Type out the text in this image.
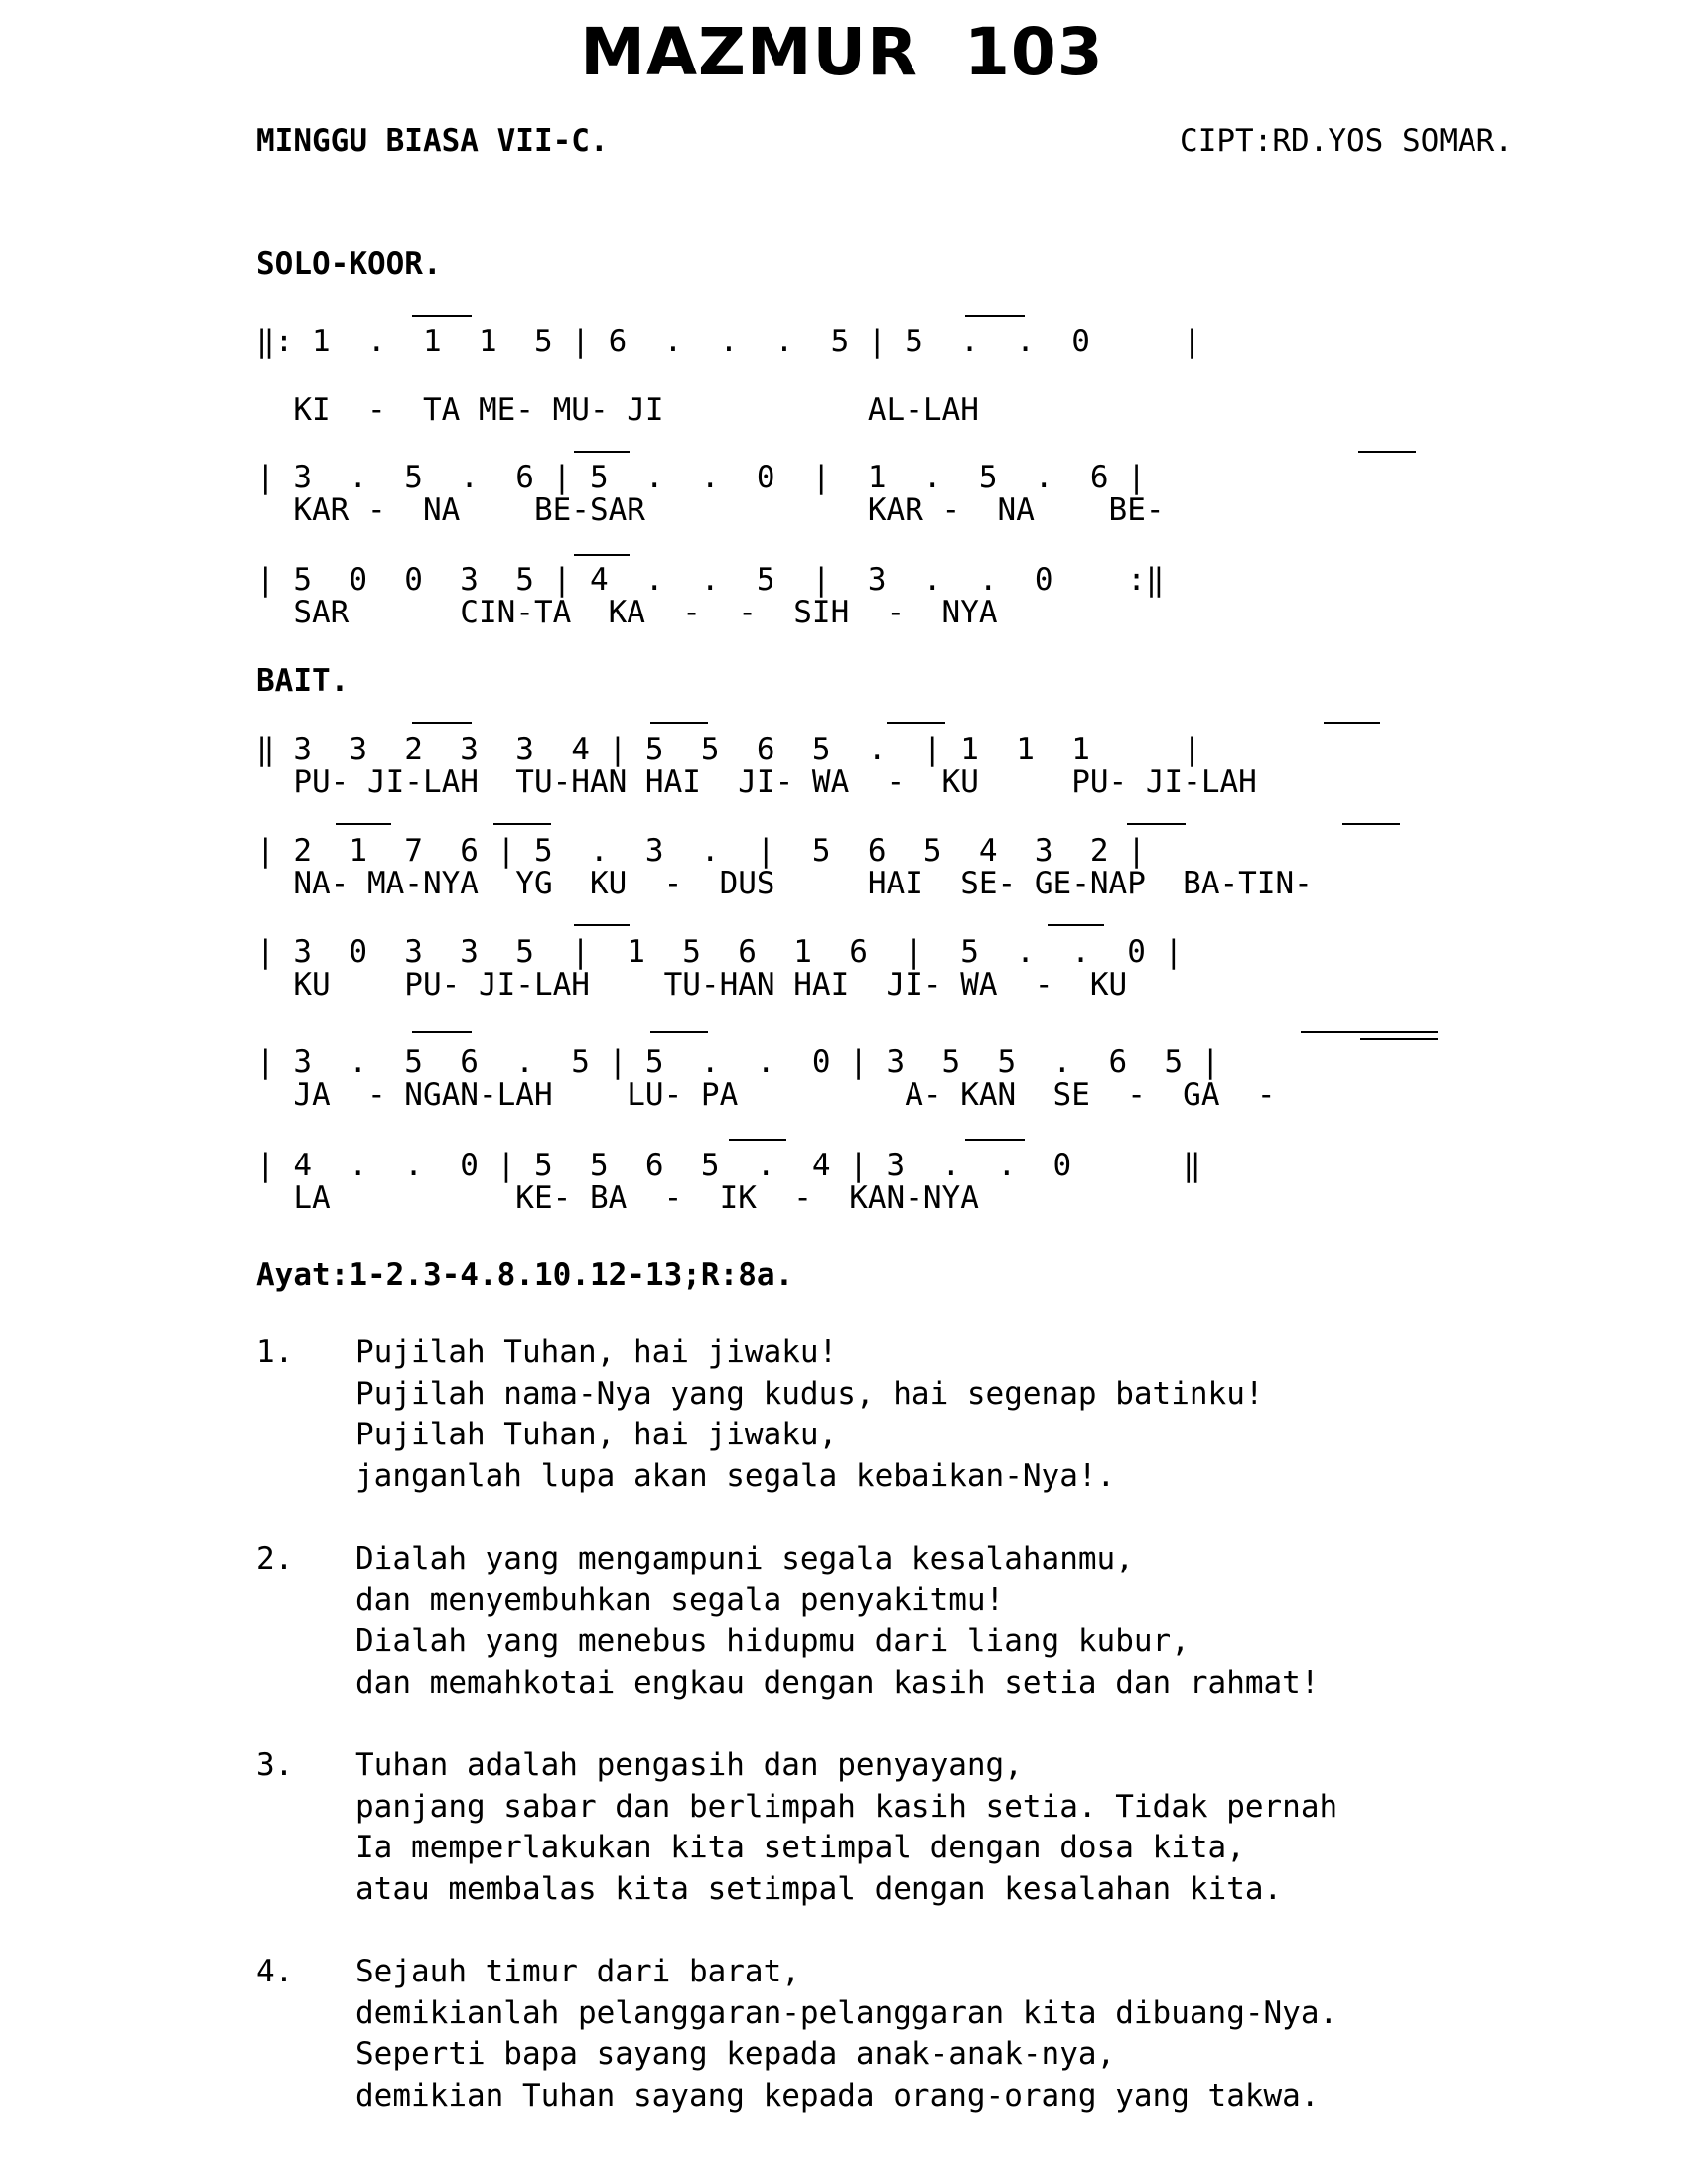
MAZMUR 103
MINGGU BIASA VII-C.	CIPT:RD.YOS SOMAR.
SOLO-KOOR.
‖: 1  .  1  1  5 | 6  .  .  .  5 | 5  .  .  0     |
KI  -  TA ME- MU- JI           AL-LAH
| 3  .  5  .  6 | 5  .  .  0  |  1  .  5  .  6 |
KAR -  NA    BE-SAR            KAR -  NA    BE-
| 5  0  0  3  5 | 4  .  .  5  |  3  .  .  0    :‖
SAR      CIN-TA  KA  -  -  SIH  -  NYA
BAIT.
‖ 3  3  2  3  3  4 | 5  5  6  5  .  | 1  1  1     |
PU- JI-LAH  TU-HAN HAI  JI- WA  -  KU     PU- JI-LAH
| 2  1  7  6 | 5  .  3  .  |  5  6  5  4  3  2 |
NA- MA-NYA  YG  KU  -  DUS     HAI  SE- GE-NAP  BA-TIN-
| 3  0  3  3  5  |  1  5  6  1  6  |  5  .  .  0 |
KU    PU- JI-LAH    TU-HAN HAI  JI- WA  -  KU
| 3  .  5  6  .  5 | 5  .  .  0 | 3  5  5  .  6  5 |
JA  - NGAN-LAH    LU- PA         A- KAN  SE  -  GA  -
| 4  .  .  0 | 5  5  6  5  .  4 | 3  .  .  0      ‖
LA          KE- BA  -  IK  -  KAN-NYA
Ayat:1-2.3-4.8.10.12-13;R:8a.
1.	Pujilah Tuhan, hai jiwaku!
Pujilah nama-Nya yang kudus, hai segenap batinku!
Pujilah Tuhan, hai jiwaku,
janganlah lupa akan segala kebaikan-Nya!.
2.	Dialah yang mengampuni segala kesalahanmu,
dan menyembuhkan segala penyakitmu!
Dialah yang menebus hidupmu dari liang kubur,
dan memahkotai engkau dengan kasih setia dan rahmat!
3.	Tuhan adalah pengasih dan penyayang,
panjang sabar dan berlimpah kasih setia. Tidak pernah
Ia memperlakukan kita setimpal dengan dosa kita,
atau membalas kita setimpal dengan kesalahan kita.
4.	Sejauh timur dari barat,
demikianlah pelanggaran-pelanggaran kita dibuang-Nya.
Seperti bapa sayang kepada anak-anak-nya,
demikian Tuhan sayang kepada orang-orang yang takwa.
